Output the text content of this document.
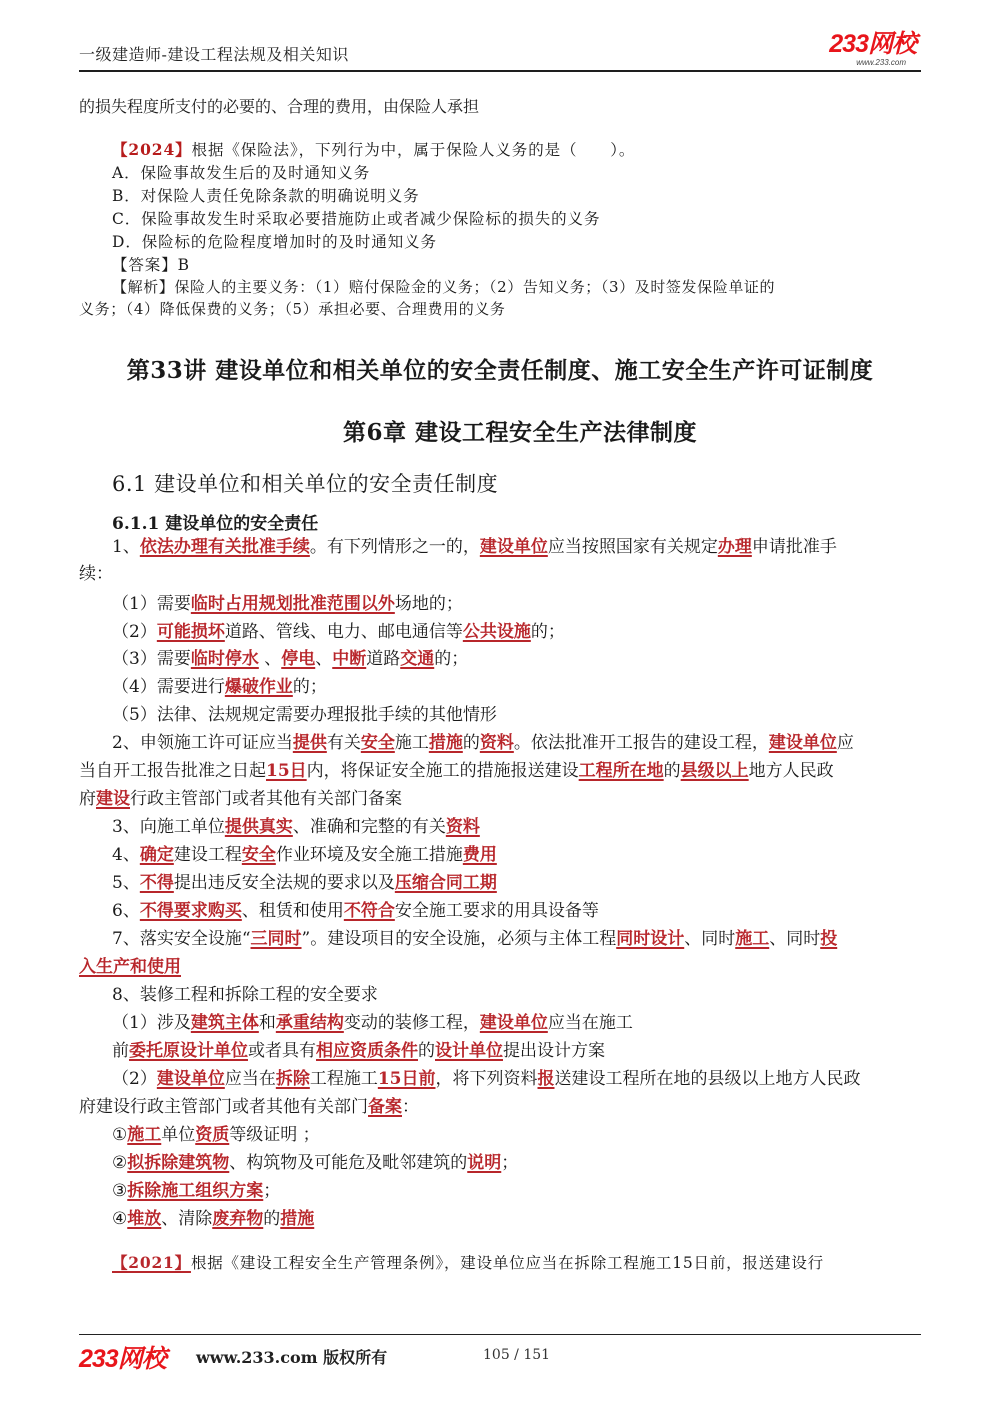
一级建造师-建设工程法规及相关知识	233网校
www.233.com
的损失程度所支付的必要的、合理的费用，由保险人承担
【2024】根据《保险法》，下列行为中，属于保险人义务的是（　　）。
A．保险事故发生后的及时通知义务
B．对保险人责任免除条款的明确说明义务
C．保险事故发生时采取必要措施防止或者减少保险标的损失的义务
D．保险标的危险程度增加时的及时通知义务
【答案】B
【解析】保险人的主要义务：（1）赔付保险金的义务；（2）告知义务；（3）及时签发保险单证的
义务；（4）降低保费的义务；（5）承担必要、合理费用的义务
第33讲 建设单位和相关单位的安全责任制度、施工安全生产许可证制度
第6章 建设工程安全生产法律制度
6.1 建设单位和相关单位的安全责任制度
6.1.1 建设单位的安全责任
1、依法办理有关批准手续。有下列情形之一的，建设单位应当按照国家有关规定办理申请批准手
续：
（1）需要临时占用规划批准范围以外场地的；
（2）可能损坏道路、管线、电力、邮电通信等公共设施的；
（3）需要临时停水 、停电、中断道路交通的；
（4）需要进行爆破作业的；
（5）法律、法规规定需要办理报批手续的其他情形
2、申领施工许可证应当提供有关安全施工措施的资料。依法批准开工报告的建设工程，建设单位应
当自开工报告批准之日起15日内，将保证安全施工的措施报送建设工程所在地的县级以上地方人民政
府建设行政主管部门或者其他有关部门备案
3、向施工单位提供真实、准确和完整的有关资料
4、确定建设工程安全作业环境及安全施工措施费用
5、不得提出违反安全法规的要求以及压缩合同工期
6、不得要求购买、租赁和使用不符合安全施工要求的用具设备等
7、落实安全设施“三同时”。建设项目的安全设施，必须与主体工程同时设计、同时施工、同时投
入生产和使用
8、装修工程和拆除工程的安全要求
（1）涉及建筑主体和承重结构变动的装修工程，建设单位应当在施工
前委托原设计单位或者具有相应资质条件的设计单位提出设计方案
（2）建设单位应当在拆除工程施工15日前，将下列资料报送建设工程所在地的县级以上地方人民政
府建设行政主管部门或者其他有关部门备案：
①施工单位资质等级证明 ；
②拟拆除建筑物、构筑物及可能危及毗邻建筑的说明；
③拆除施工组织方案；
④堆放、清除废弃物的措施
【2021】根据《建设工程安全生产管理条例》，建设单位应当在拆除工程施工15日前，报送建设行
233网校 www.233.com 版权所有	105 / 151
